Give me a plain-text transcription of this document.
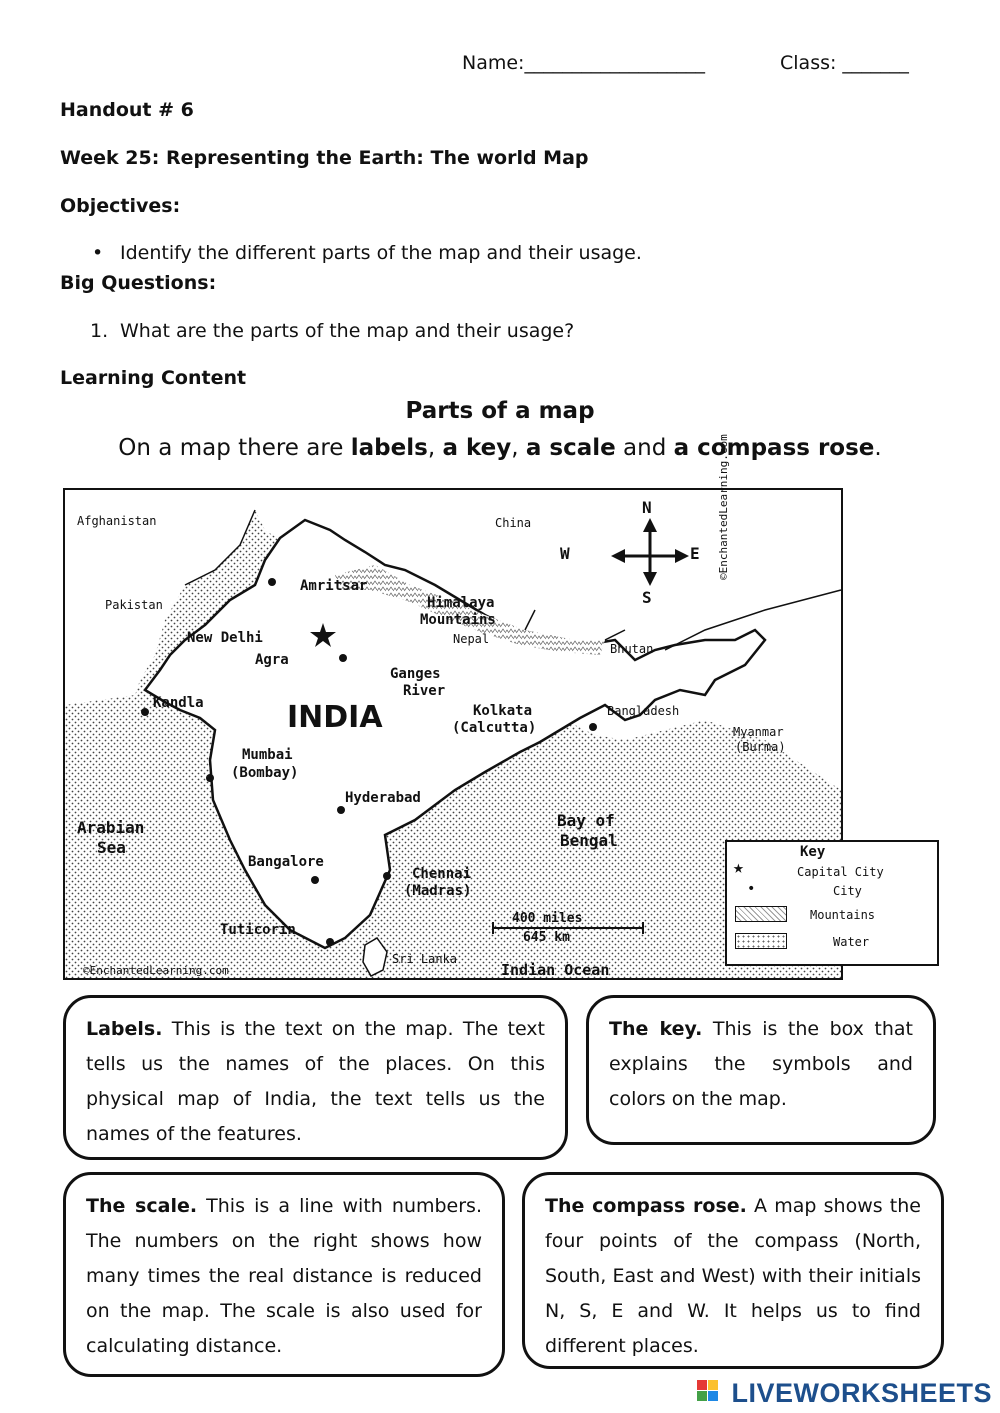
Name:___________________	Class: _______
Handout # 6
Week 25: Representing the Earth: The world Map
Objectives:
• Identify the different parts of the map and their usage.
Big Questions:
1. What are the parts of the map and their usage?
Learning Content
Parts of a map
On a map there are labels, a key, a scale and a compass rose.
Afghanistan
Pakistan
China
Amritsar
Himalaya
Mountains
Nepal
Bhutan
New Delhi
Agra
Ganges
River
Kandla	INDIA	Kolkata
(Calcutta)
Bangladesh
Myanmar
(Burma)
Mumbai
(Bombay)
Hyderabad
Arabian
Sea
Bay of
Bengal
Bangalore
Chennai
(Madras)
Tuticorin
Sri Lanka
Indian Ocean
400 miles
645 km
©EnchantedLearning.com
©EnchantedLearning.com
N
S
E
W
Key
★	Capital City
•	City
Mountains
Water
Labels. This is the text on the map. The text tells us the names of the places. On this physical map of India, the text tells us the names of the features.
The key. This is the box that explains the symbols and colors on the map.
The scale. This is a line with numbers. The numbers on the right shows how many times the real distance is reduced on the map. The scale is also used for calculating distance.
The compass rose. A map shows the four points of the compass (North, South, East and West) with their initials N, S, E and W. It helps us to find different places.
LIVEWORKSHEETS
